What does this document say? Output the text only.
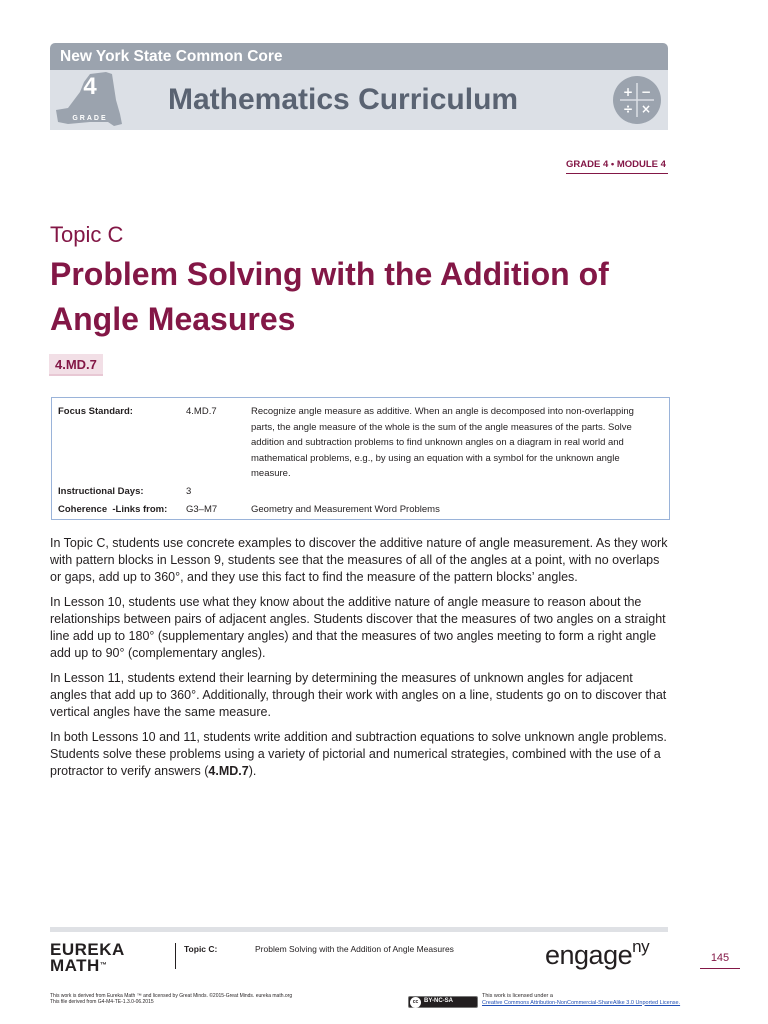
New York State Common Core
4
GRADE
Mathematics Curriculum	+ −
÷ ×
GRADE 4 • MODULE 4
Topic C
Problem Solving with the Addition of Angle Measures
4.MD.7
Focus Standard:	4.MD.7	Recognize angle measure as additive. When an angle is decomposed into non-overlapping parts, the angle measure of the whole is the sum of the angle measures of the parts. Solve addition and subtraction problems to find unknown angles on a diagram in real world and mathematical problems, e.g., by using an equation with a symbol for the unknown angle measure.
Instructional Days:	3
Coherence  -Links from: G3–M7	Geometry and Measurement Word Problems

In Topic C, students use concrete examples to discover the additive nature of angle measurement. As they work with pattern blocks in Lesson 9, students see that the measures of all of the angles at a point, with no overlaps or gaps, add up to 360°, and they use this fact to find the measure of the pattern blocks’ angles.

In Lesson 10, students use what they know about the additive nature of angle measure to reason about the relationships between pairs of adjacent angles. Students discover that the measures of two angles on a straight line add up to 180° (supplementary angles) and that the measures of two angles meeting to form a right angle add up to 90° (complementary angles).

In Lesson 11, students extend their learning by determining the measures of unknown angles for adjacent angles that add up to 360°. Additionally, through their work with angles on a line, students go on to discover that vertical angles have the same measure.

In both Lessons 10 and 11, students write addition and subtraction equations to solve unknown angle problems. Students solve these problems using a variety of pictorial and numerical strategies, combined with the use of a protractor to verify answers (4.MD.7).

EUREKA
MATH™
Topic C:	Problem Solving with the Addition of Angle Measures	engage$^{ny}$
145
This work is derived from Eureka Math ™ and licensed by Great Minds. ©2015-Great Minds. eureka math.org
This file derived from G4-M4-TE-1.3.0-06.2015	cc BY-NC-SA
This work is licensed under a
Creative Commons Attribution-NonCommercial-ShareAlike 3.0 Unported License.
